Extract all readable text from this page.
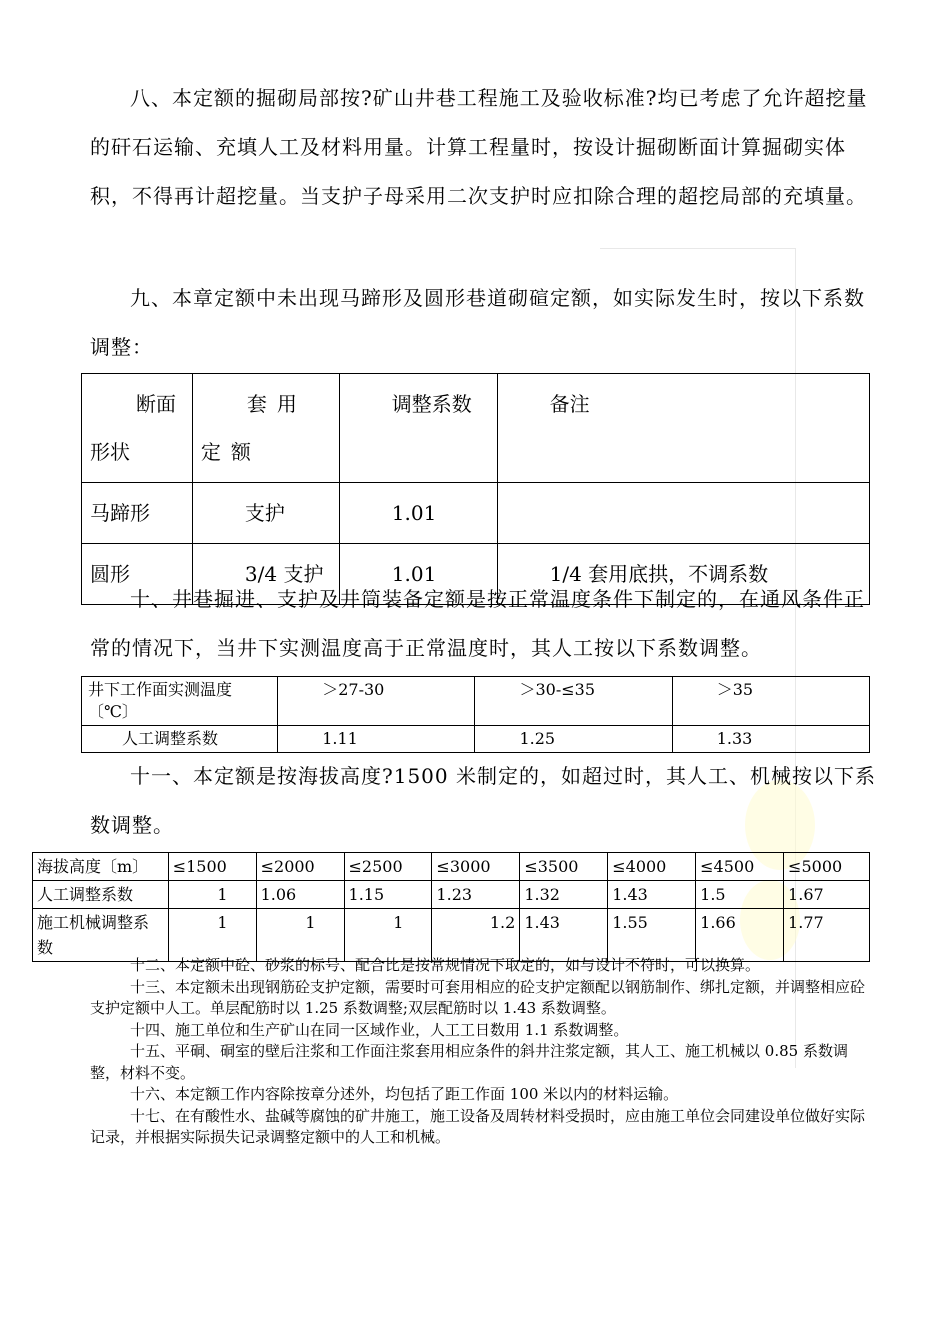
八、本定额的掘砌局部按?矿山井巷工程施工及验收标准?均已考虑了允许超挖量的矸石运输、充填人工及材料用量。计算工程量时，按设计掘砌断面计算掘砌实体积，不得再计超挖量。当支护子母采用二次支护时应扣除合理的超挖局部的充填量。

九、本章定额中未出现马蹄形及圆形巷道砌碹定额，如实际发生时，按以下系数调整：

断面形状	套用定额	调整系数	备注
马蹄形	支护	1.01	
圆形	3/4 支护	1.01	1/4 套用底拱，不调系数

十、井巷掘进、支护及井筒装备定额是按正常温度条件下制定的，在通风条件正常的情况下，当井下实测温度高于正常温度时，其人工按以下系数调整。

井下工作面实测温度〔℃〕	＞27-30	＞30-≤35	＞35
人工调整系数	1.11	1.25	1.33

十一、本定额是按海拔高度?1500 米制定的，如超过时，其人工、机械按以下系数调整。

海拔高度〔m〕	≤1500	≤2000	≤2500	≤3000	≤3500	≤4000	≤4500	≤5000
人工调整系数	1	1.06	1.15	1.23	1.32	1.43	1.5	1.67
施工机械调整系数	1	1	1	1.2	1.43	1.55	1.66	1.77

十二、本定额中砼、砂浆的标号、配合比是按常规情况下取定的，如与设计不符时，可以换算。

十三、本定额未出现钢筋砼支护定额，需要时可套用相应的砼支护定额配以钢筋制作、绑扎定额，并调整相应砼支护定额中人工。单层配筋时以 1.25 系数调整;双层配筋时以 1.43 系数调整。

十四、施工单位和生产矿山在同一区域作业，人工工日数用 1.1 系数调整。

十五、平硐、硐室的壁后注浆和工作面注浆套用相应条件的斜井注浆定额，其人工、施工机械以 0.85 系数调整，材料不变。

十六、本定额工作内容除按章分述外，均包括了距工作面 100 米以内的材料运输。

十七、在有酸性水、盐碱等腐蚀的矿井施工，施工设备及周转材料受损时，应由施工单位会同建设单位做好实际记录，并根据实际损失记录调整定额中的人工和机械。
